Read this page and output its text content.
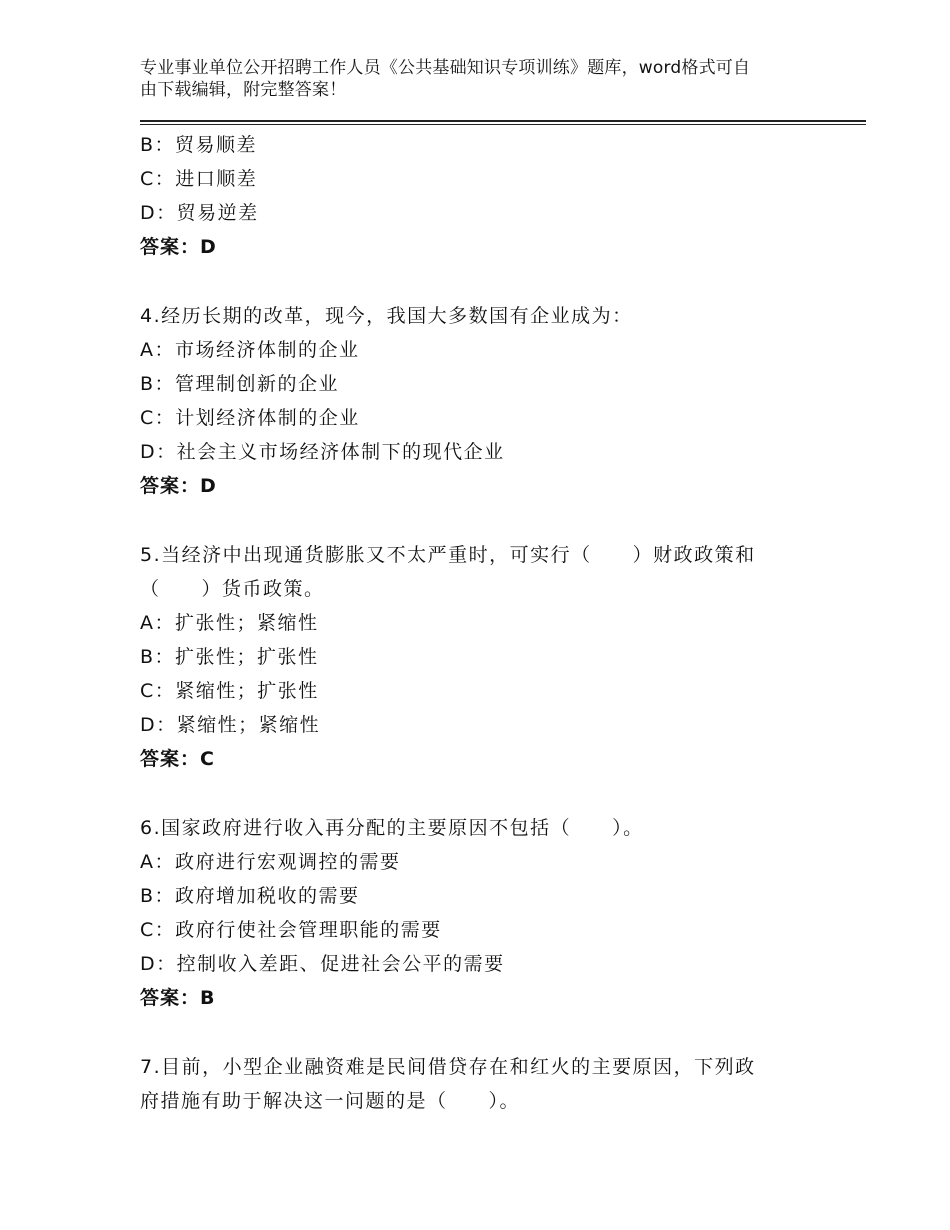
专业事业单位公开招聘工作人员《公共基础知识专项训练》题库，word格式可自
由下载编辑，附完整答案！
B：贸易顺差
C：进口顺差
D：贸易逆差
答案：D
4.经历长期的改革，现今，我国大多数国有企业成为：
A：市场经济体制的企业
B：管理制创新的企业
C：计划经济体制的企业
D：社会主义市场经济体制下的现代企业
答案：D
5.当经济中出现通货膨胀又不太严重时，可实行（　　）财政政策和
（　　）货币政策。
A：扩张性；紧缩性
B：扩张性；扩张性
C：紧缩性；扩张性
D：紧缩性；紧缩性
答案：C
6.国家政府进行收入再分配的主要原因不包括（　　）。
A：政府进行宏观调控的需要
B：政府增加税收的需要
C：政府行使社会管理职能的需要
D：控制收入差距、促进社会公平的需要
答案：B
7.目前，小型企业融资难是民间借贷存在和红火的主要原因，下列政
府措施有助于解决这一问题的是（　　）。
